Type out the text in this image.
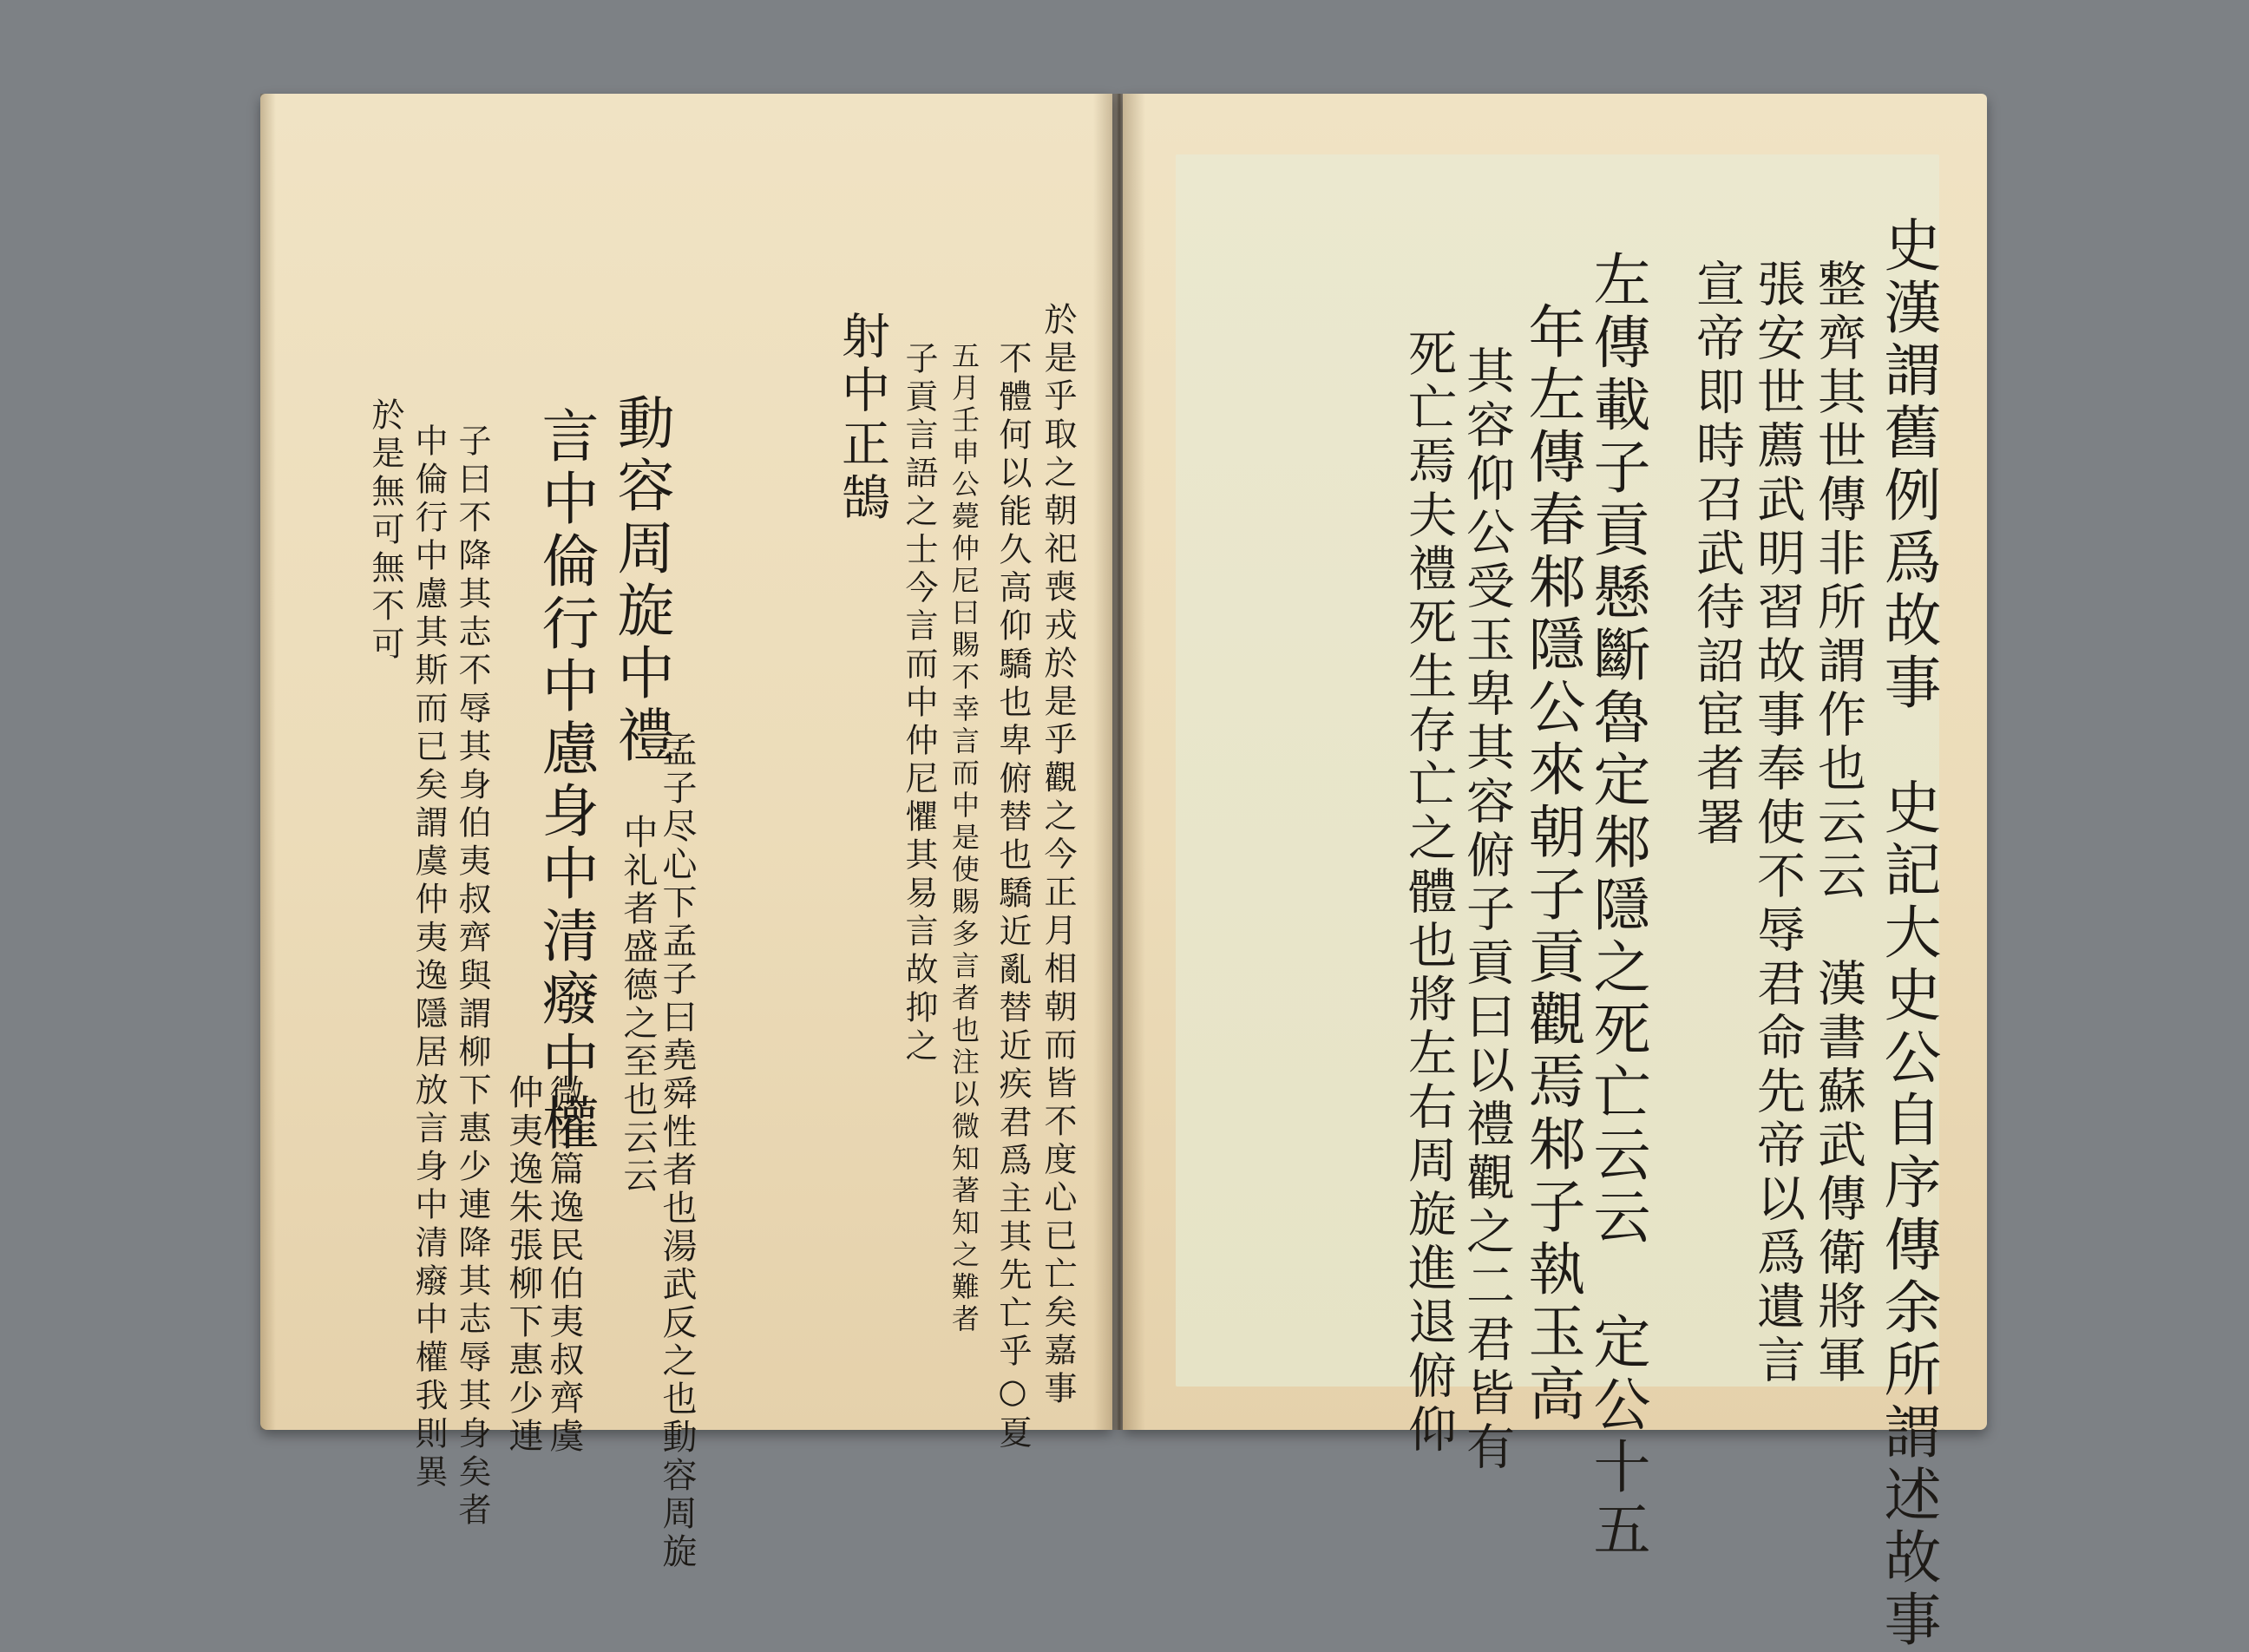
史漢謂舊例爲故事　史記大史公自序傳余所謂述故事
整齊其世傳非所謂作也云云　漢書蘇武傳衛將軍
張安世薦武明習故事奉使不辱君命先帝以爲遺言
宣帝即時召武待詔宦者署
左傳載子貢懸斷魯定邾隱之死亡云云　定公十五
年左傳春邾隱公來朝子貢觀焉邾子執玉高
其容仰公受玉卑其容俯子貢曰以禮觀之二君皆有
死亡焉夫禮死生存亡之體也將左右周旋進退俯仰
於是乎取之朝祀喪戎於是乎觀之今正月相朝而皆不度心已亡矣嘉事
不體何以能久高仰驕也卑俯替也驕近亂替近疾君爲主其先亡乎○夏
五月壬申公薨仲尼曰賜不幸言而中是使賜多言者也注以微知著知之難者
子貢言語之士今言而中仲尼懼其易言故抑之
射中正鵠
動容周旋中禮
孟子尽心下孟子曰堯舜性者也湯武反之也動容周旋
中礼者盛德之至也云云
言中倫行中慮身中清癈中權
微子篇逸民伯夷叔齊虞
仲夷逸朱張柳下惠少連
子曰不降其志不辱其身伯夷叔齊與謂柳下惠少連降其志辱其身矣者
中倫行中慮其斯而已矣謂虞仲夷逸隱居放言身中清癈中權我則異
於是無可無不可
